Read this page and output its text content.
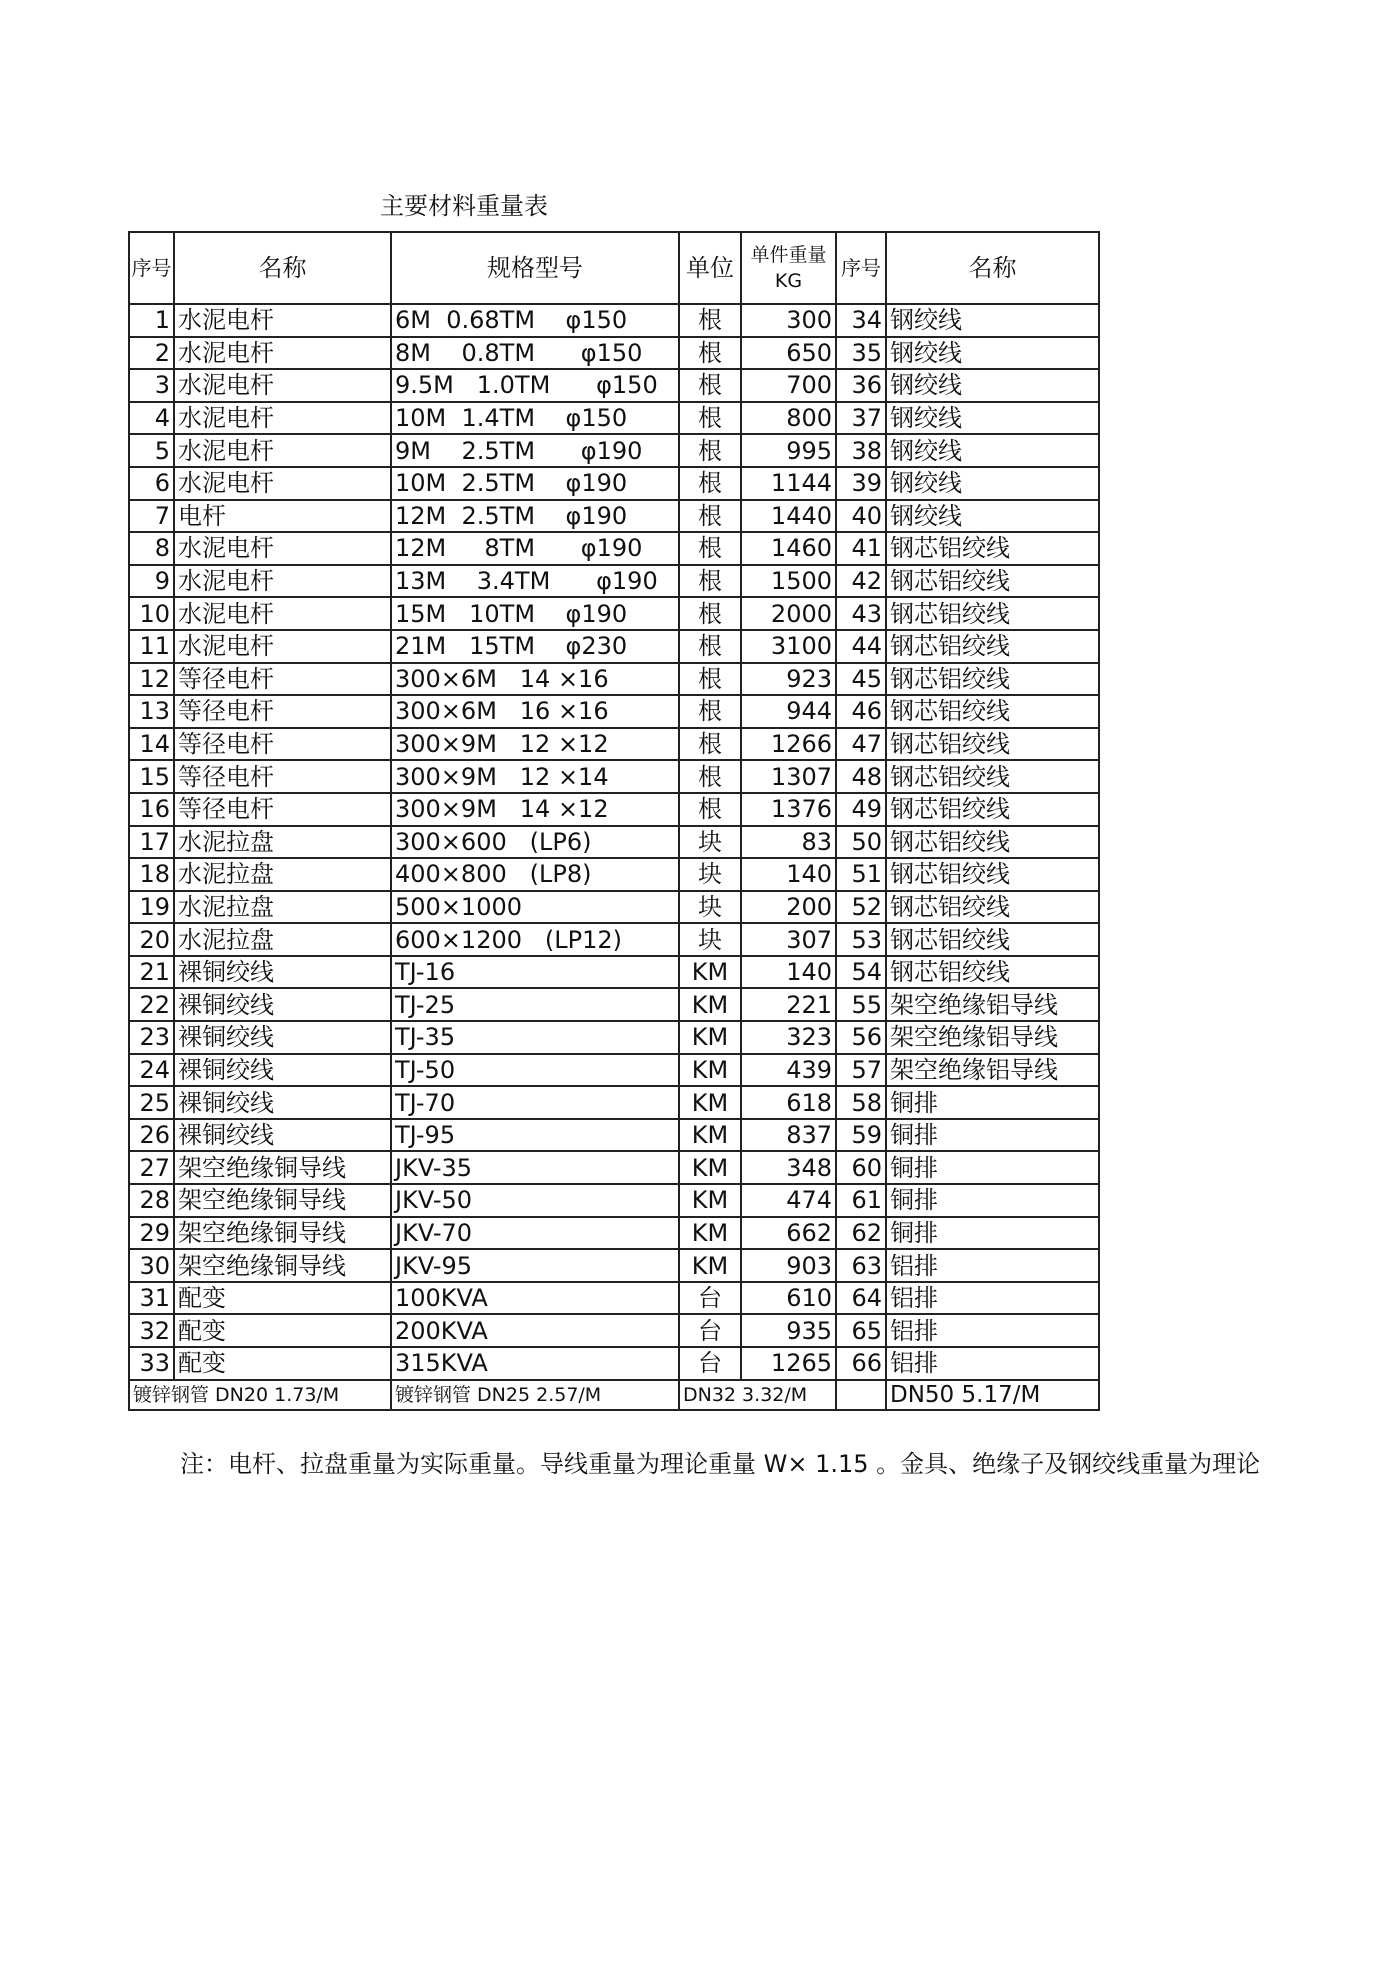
主要材料重量表
序号	名称	规格型号	单位	单件重量KG	序号	名称
1	水泥电杆	6M  0.68TM    φ150	根	300	34	钢绞线
2	水泥电杆	8M    0.8TM      φ150	根	650	35	钢绞线
3	水泥电杆	9.5M   1.0TM      φ150	根	700	36	钢绞线
4	水泥电杆	10M  1.4TM    φ150	根	800	37	钢绞线
5	水泥电杆	9M    2.5TM      φ190	根	995	38	钢绞线
6	水泥电杆	10M  2.5TM    φ190	根	1144	39	钢绞线
7	电杆	12M  2.5TM    φ190	根	1440	40	钢绞线
8	水泥电杆	12M     8TM      φ190	根	1460	41	钢芯铝绞线
9	水泥电杆	13M    3.4TM      φ190	根	1500	42	钢芯铝绞线
10	水泥电杆	15M   10TM    φ190	根	2000	43	钢芯铝绞线
11	水泥电杆	21M   15TM    φ230	根	3100	44	钢芯铝绞线
12	等径电杆	300×6M   14 ×16	根	923	45	钢芯铝绞线
13	等径电杆	300×6M   16 ×16	根	944	46	钢芯铝绞线
14	等径电杆	300×9M   12 ×12	根	1266	47	钢芯铝绞线
15	等径电杆	300×9M   12 ×14	根	1307	48	钢芯铝绞线
16	等径电杆	300×9M   14 ×12	根	1376	49	钢芯铝绞线
17	水泥拉盘	300×600   (LP6)	块	83	50	钢芯铝绞线
18	水泥拉盘	400×800   (LP8)	块	140	51	钢芯铝绞线
19	水泥拉盘	500×1000	块	200	52	钢芯铝绞线
20	水泥拉盘	600×1200   (LP12)	块	307	53	钢芯铝绞线
21	裸铜绞线	TJ-16	KM	140	54	钢芯铝绞线
22	裸铜绞线	TJ-25	KM	221	55	架空绝缘铝导线
23	裸铜绞线	TJ-35	KM	323	56	架空绝缘铝导线
24	裸铜绞线	TJ-50	KM	439	57	架空绝缘铝导线
25	裸铜绞线	TJ-70	KM	618	58	铜排
26	裸铜绞线	TJ-95	KM	837	59	铜排
27	架空绝缘铜导线	JKV-35	KM	348	60	铜排
28	架空绝缘铜导线	JKV-50	KM	474	61	铜排
29	架空绝缘铜导线	JKV-70	KM	662	62	铜排
30	架空绝缘铜导线	JKV-95	KM	903	63	铝排
31	配变	100KVA	台	610	64	铝排
32	配变	200KVA	台	935	65	铝排
33	配变	315KVA	台	1265	66	铝排
镀锌钢管 DN20 1.73/M		镀锌钢管 DN25 2.57/M	DN32 3.32/M			DN50 5.17/M
注：电杆、拉盘重量为实际重量。导线重量为理论重量 W× 1.15 。金具、绝缘子及钢绞线重量为理论
